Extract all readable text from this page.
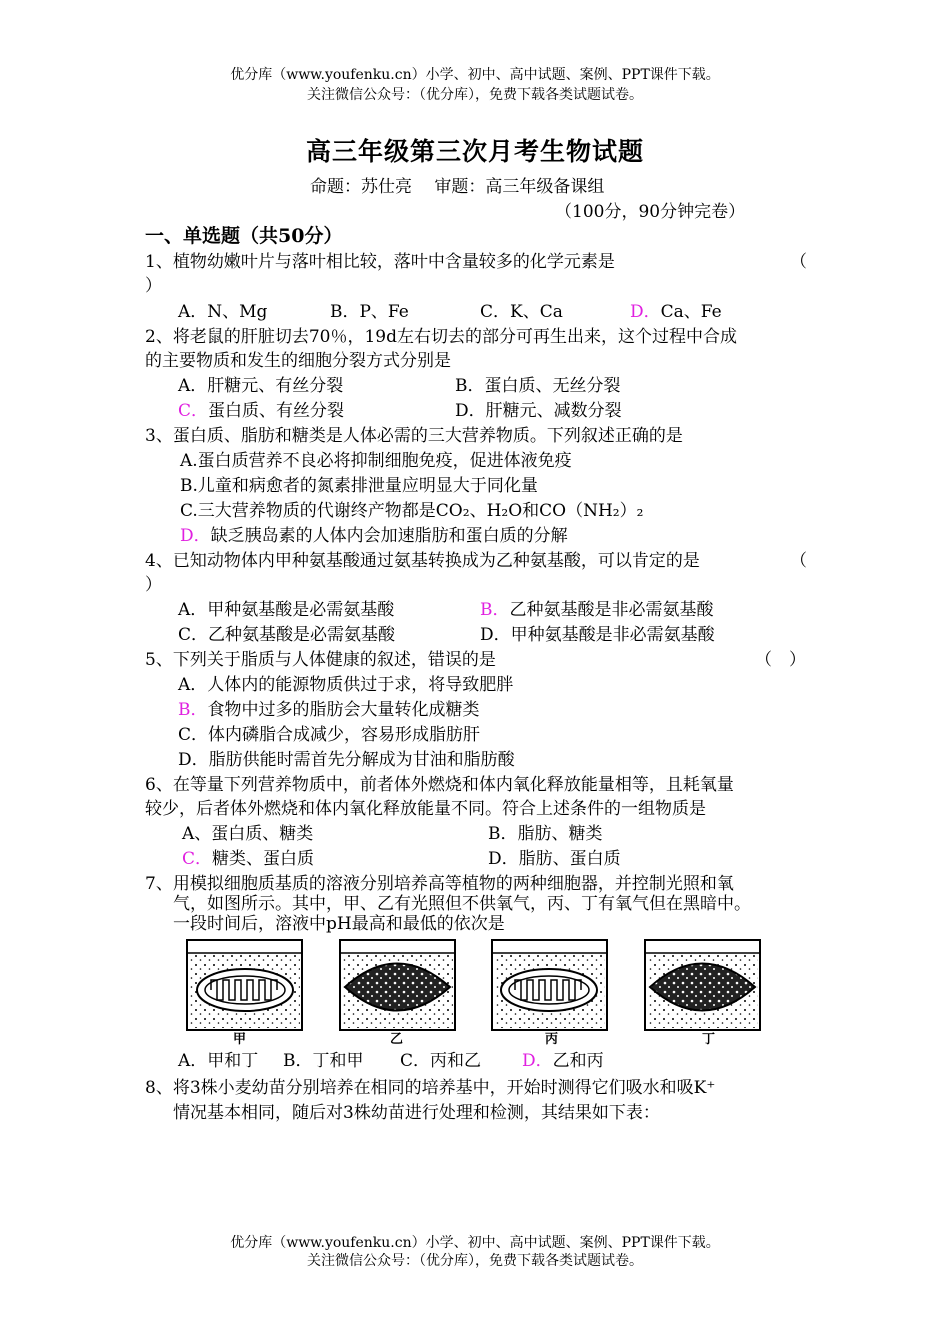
优分库（www.youfenku.cn）小学、初中、高中试题、案例、PPT课件下载。
关注微信公众号：（优分库），免费下载各类试题试卷。
高三年级第三次月考生物试题
命题：苏仕亮　 审题：高三年级备课组
（100分，90分钟完卷）
一、单选题（共50分）
1、植物幼嫩叶片与落叶相比较，落叶中含量较多的化学元素是	（
）
A．N、Mg	B．P、Fe	C．K、Ca	D．Ca、Fe
2、将老鼠的肝脏切去70％，19d左右切去的部分可再生出来，这个过程中合成
的主要物质和发生的细胞分裂方式分别是
A．肝糖元、有丝分裂	B．蛋白质、无丝分裂
C．蛋白质、有丝分裂	D．肝糖元、减数分裂
3、蛋白质、脂肪和糖类是人体必需的三大营养物质。下列叙述正确的是
A.蛋白质营养不良必将抑制细胞免疫，促进体液免疫
B.儿童和病愈者的氮素排泄量应明显大于同化量
C.三大营养物质的代谢终产物都是CO₂、H₂O和CO（NH₂）₂
D．缺乏胰岛素的人体内会加速脂肪和蛋白质的分解
4、已知动物体内甲种氨基酸通过氨基转换成为乙种氨基酸，可以肯定的是	（
）
A．甲种氨基酸是必需氨基酸	B．乙种氨基酸是非必需氨基酸
C．乙种氨基酸是必需氨基酸	D．甲种氨基酸是非必需氨基酸
5、下列关于脂质与人体健康的叙述，错误的是	（　）
A．人体内的能源物质供过于求，将导致肥胖
B．食物中过多的脂肪会大量转化成糖类
C．体内磷脂合成减少，容易形成脂肪肝
D．脂肪供能时需首先分解成为甘油和脂肪酸
6、在等量下列营养物质中，前者体外燃烧和体内氧化释放能量相等，且耗氧量
较少，后者体外燃烧和体内氧化释放能量不同。符合上述条件的一组物质是
A、蛋白质、糖类	B．脂肪、糖类
C．糖类、蛋白质	D．脂肪、蛋白质
7、用模拟细胞质基质的溶液分别培养高等植物的两种细胞器，并控制光照和氧
气，如图所示。其中，甲、乙有光照但不供氧气，丙、丁有氧气但在黑暗中。
一段时间后，溶液中pH最高和最低的依次是
甲	乙	丙	丁
A．甲和丁 B．丁和甲 C．丙和乙 D．乙和丙
8、将3株小麦幼苗分别培养在相同的培养基中，开始时测得它们吸水和吸K⁺
情况基本相同，随后对3株幼苗进行处理和检测，其结果如下表：
优分库（www.youfenku.cn）小学、初中、高中试题、案例、PPT课件下载。
关注微信公众号：（优分库），免费下载各类试题试卷。
